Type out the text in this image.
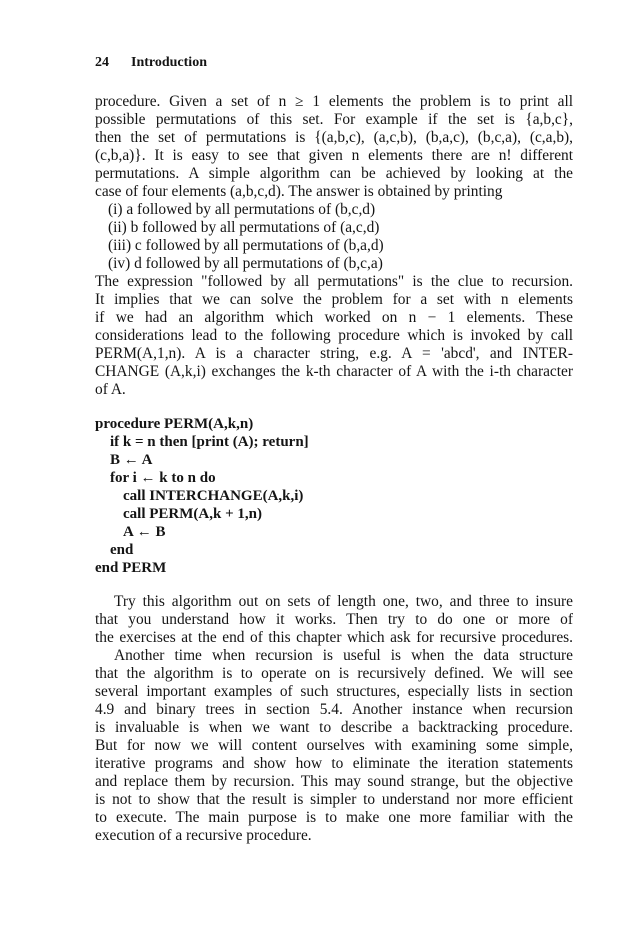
24 Introduction
procedure. Given a set of n ≥ 1 elements the problem is to print all
possible permutations of this set. For example if the set is {a,b,c},
then the set of permutations is {(a,b,c), (a,c,b), (b,a,c), (b,c,a), (c,a,b),
(c,b,a)}. It is easy to see that given n elements there are n! different
permutations. A simple algorithm can be achieved by looking at the
case of four elements (a,b,c,d). The answer is obtained by printing
(i) a followed by all permutations of (b,c,d)
(ii) b followed by all permutations of (a,c,d)
(iii) c followed by all permutations of (b,a,d)
(iv) d followed by all permutations of (b,c,a)
The expression "followed by all permutations" is the clue to recursion.
It implies that we can solve the problem for a set with n elements
if we had an algorithm which worked on n − 1 elements. These
considerations lead to the following procedure which is invoked by call
PERM(A,1,n). A is a character string, e.g. A = 'abcd', and INTER-
CHANGE (A,k,i) exchanges the k-th character of A with the i-th character
of A.
procedure PERM(A,k,n)
if k = n then [print (A); return]
B ← A
for i ← k to n do
call INTERCHANGE(A,k,i)
call PERM(A,k + 1,n)
A ← B
end
end PERM
Try this algorithm out on sets of length one, two, and three to insure
that you understand how it works. Then try to do one or more of
the exercises at the end of this chapter which ask for recursive procedures.
Another time when recursion is useful is when the data structure
that the algorithm is to operate on is recursively defined. We will see
several important examples of such structures, especially lists in section
4.9 and binary trees in section 5.4. Another instance when recursion
is invaluable is when we want to describe a backtracking procedure.
But for now we will content ourselves with examining some simple,
iterative programs and show how to eliminate the iteration statements
and replace them by recursion. This may sound strange, but the objective
is not to show that the result is simpler to understand nor more efficient
to execute. The main purpose is to make one more familiar with the
execution of a recursive procedure.
